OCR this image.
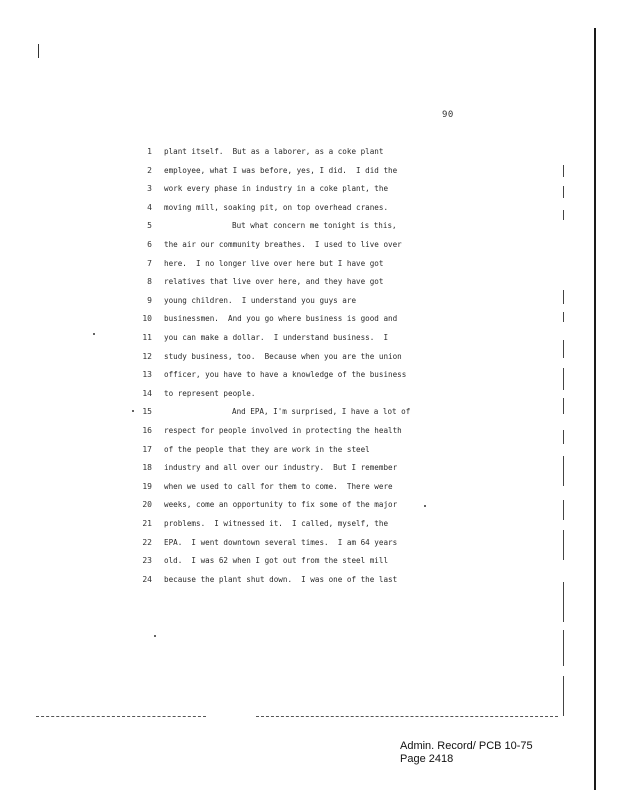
90
1 plant itself.  But as a laborer, as a coke plant
2 employee, what I was before, yes, I did.  I did the
3 work every phase in industry in a coke plant, the
4 moving mill, soaking pit, on top overhead cranes.
5	But what concern me tonight is this,
6 the air our community breathes.  I used to live over
7 here.  I no longer live over here but I have got
8 relatives that live over here, and they have got
9 young children.  I understand you guys are
10 businessmen.  And you go where business is good and
11 you can make a dollar.  I understand business.  I
12 study business, too.  Because when you are the union
13 officer, you have to have a knowledge of the business
14 to represent people.
15	And EPA, I'm surprised, I have a lot of
16 respect for people involved in protecting the health
17 of the people that they are work in the steel
18 industry and all over our industry.  But I remember
19 when we used to call for them to come.  There were
20 weeks, come an opportunity to fix some of the major
21 problems.  I witnessed it.  I called, myself, the
22 EPA.  I went downtown several times.  I am 64 years
23 old.  I was 62 when I got out from the steel mill
24 because the plant shut down.  I was one of the last
Admin. Record/ PCB 10-75
Page 2418
